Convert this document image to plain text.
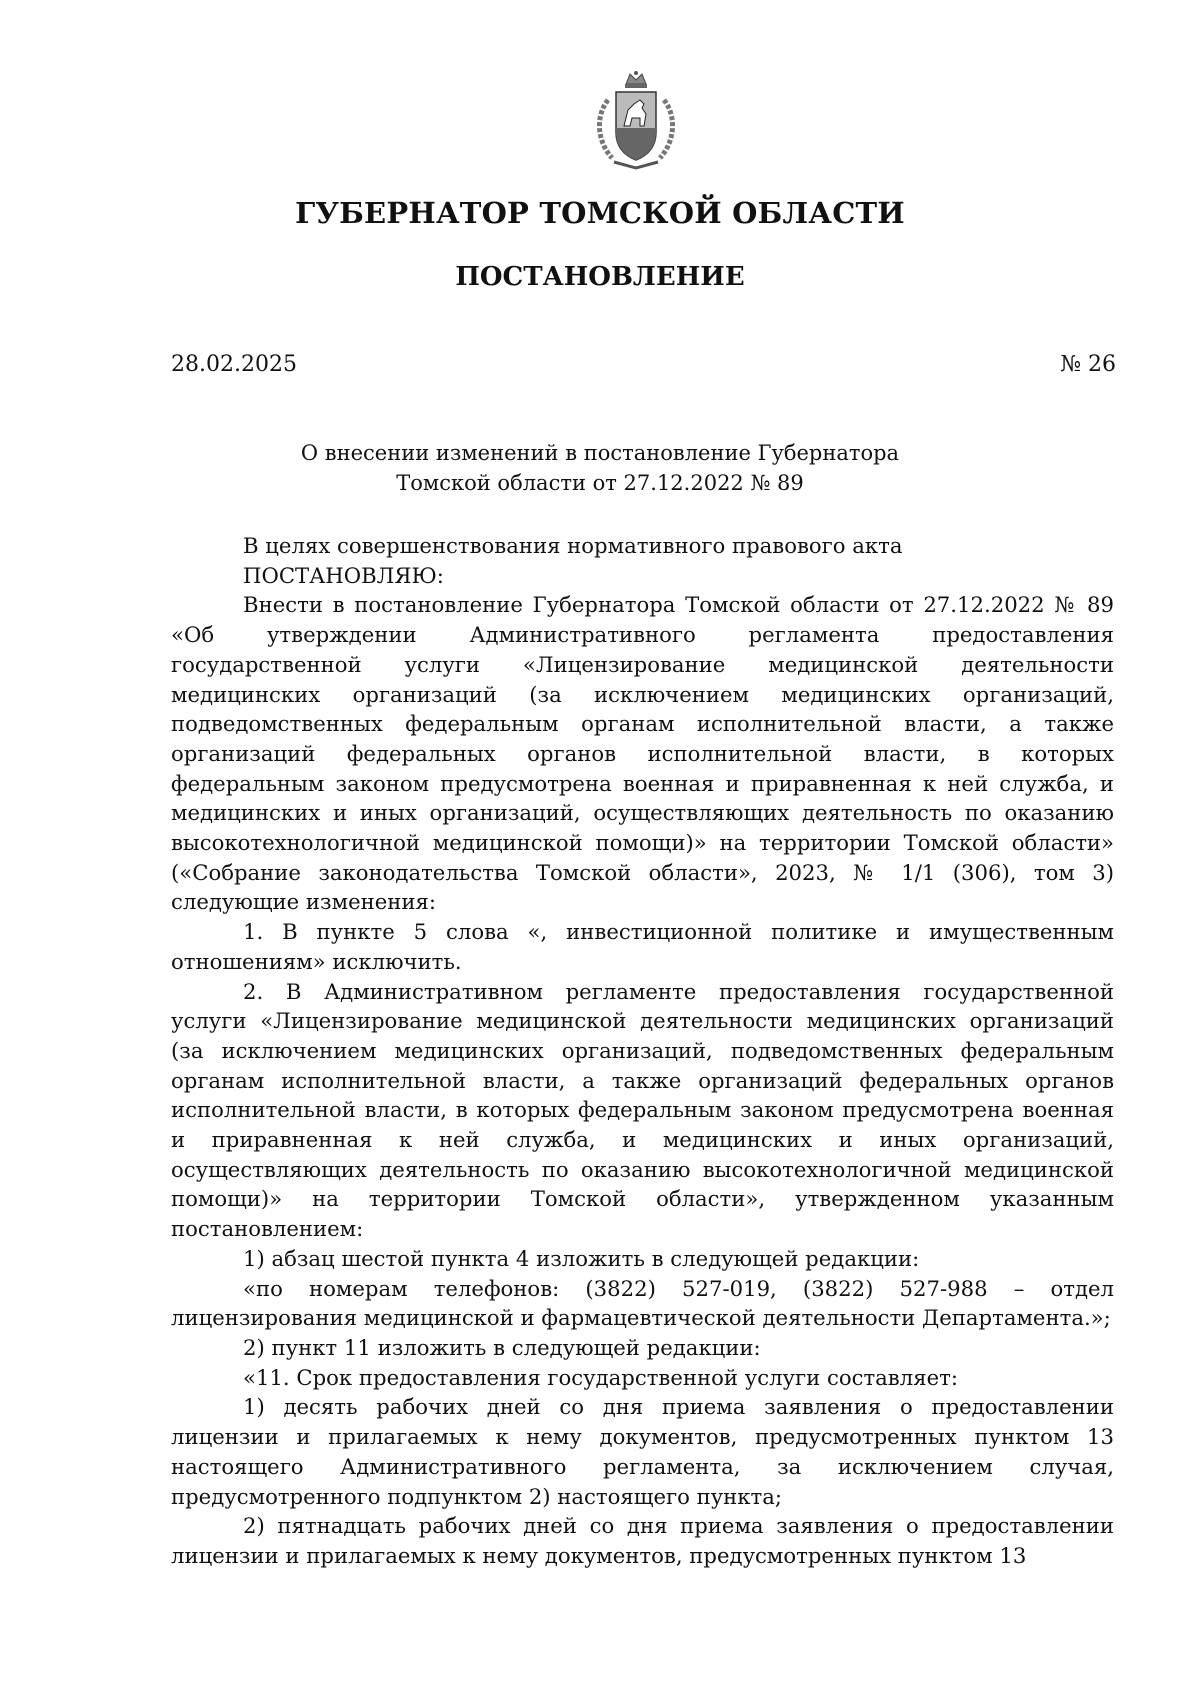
ГУБЕРНАТОР ТОМСКОЙ ОБЛАСТИ
ПОСТАНОВЛЕНИЕ
28.02.2025	№ 26
О внесении изменений в постановление Губернатора
Томской области от 27.12.2022 № 89

В целях совершенствования нормативного правового акта

ПОСТАНОВЛЯЮ:

Внести в постановление Губернатора Томской области от 27.12.2022 № 89 «Об утверждении Административного регламента предоставления государственной услуги «Лицензирование медицинской деятельности медицинских организаций (за исключением медицинских организаций, подведомственных федеральным органам исполнительной власти, а также организаций федеральных органов исполнительной власти, в которых федеральным законом предусмотрена военная и приравненная к ней служба, и медицинских и иных организаций, осуществляющих деятельность по оказанию высокотехнологичной медицинской помощи)» на территории Томской области» («Собрание законодательства Томской области», 2023, № 1/1 (306), том 3) следующие изменения:

1. В пункте 5 слова «, инвестиционной политике и имущественным отношениям» исключить.

2. В Административном регламенте предоставления государственной услуги «Лицензирование медицинской деятельности медицинских организаций (за исключением медицинских организаций, подведомственных федеральным органам исполнительной власти, а также организаций федеральных органов исполнительной власти, в которых федеральным законом предусмотрена военная и приравненная к ней служба, и медицинских и иных организаций, осуществляющих деятельность по оказанию высокотехнологичной медицинской помощи)» на территории Томской области», утвержденном указанным постановлением:

1) абзац шестой пункта 4 изложить в следующей редакции:

«по номерам телефонов: (3822) 527-019, (3822) 527-988 – отдел лицензирования медицинской и фармацевтической деятельности Департамента.»;

2) пункт 11 изложить в следующей редакции:

«11. Срок предоставления государственной услуги составляет:

1) десять рабочих дней со дня приема заявления о предоставлении лицензии и прилагаемых к нему документов, предусмотренных пунктом 13 настоящего Административного регламента, за исключением случая, предусмотренного подпунктом 2) настоящего пункта;

2) пятнадцать рабочих дней со дня приема заявления о предоставлении лицензии и прилагаемых к нему документов, предусмотренных пунктом 13
